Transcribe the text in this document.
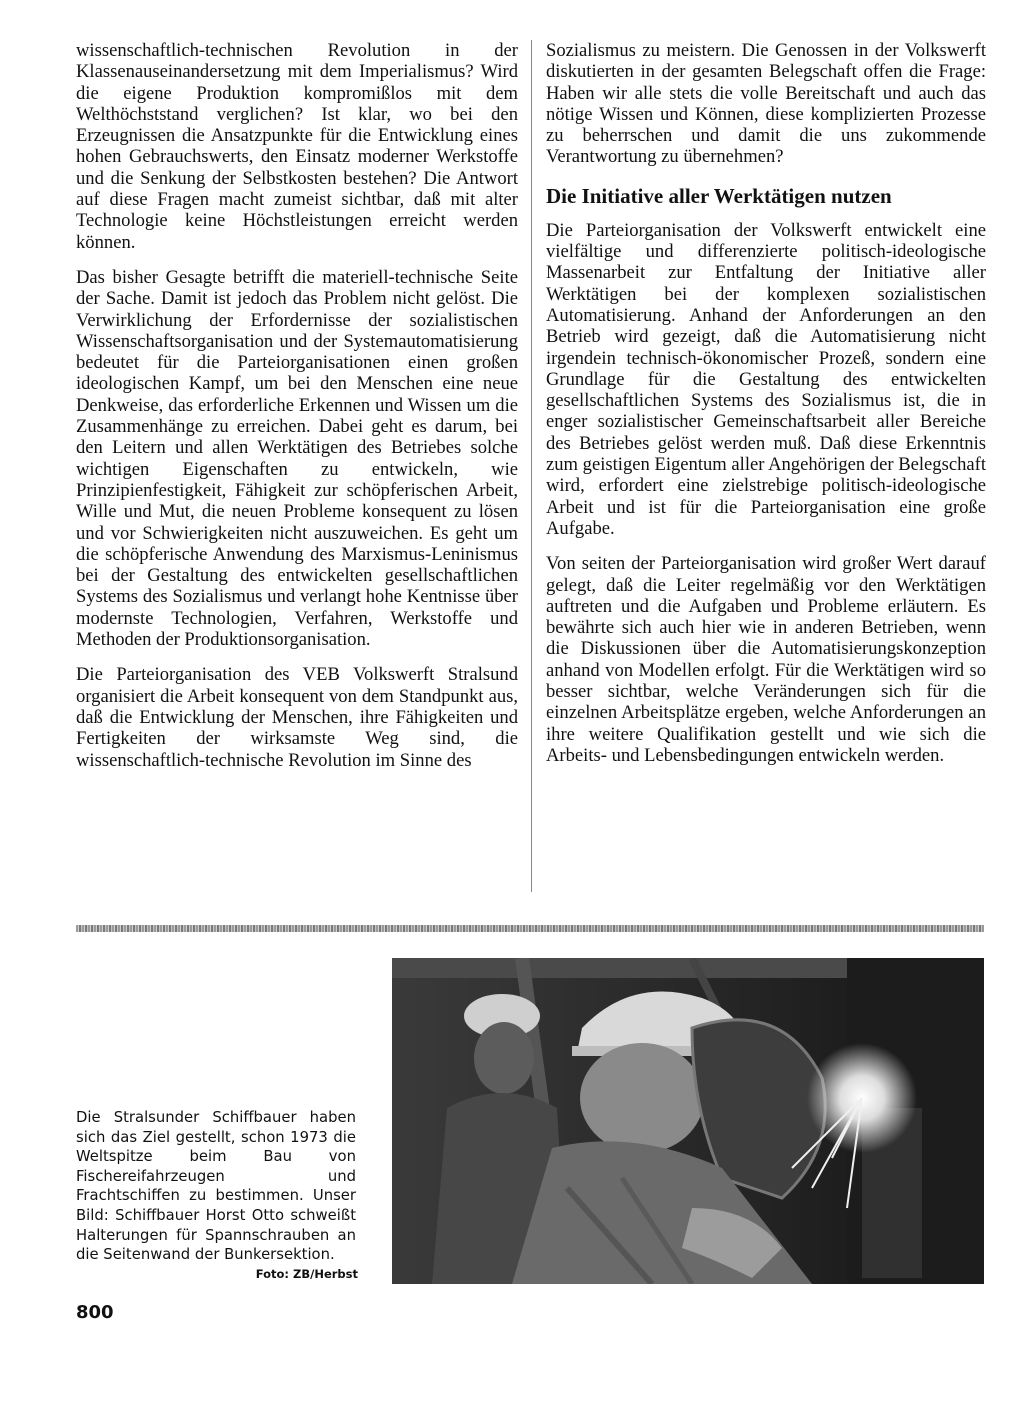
wissenschaftlich-technischen Revolution in der Klassenauseinandersetzung mit dem Imperialismus? Wird die eigene Produktion kompromißlos mit dem Welthöchststand verglichen? Ist klar, wo bei den Erzeugnissen die Ansatzpunkte für die Entwicklung eines hohen Gebrauchswerts, den Einsatz moderner Werkstoffe und die Senkung der Selbstkosten bestehen? Die Antwort auf diese Fragen macht zumeist sichtbar, daß mit alter Technologie keine Höchstleistungen erreicht werden können.

Das bisher Gesagte betrifft die materiell-technische Seite der Sache. Damit ist jedoch das Problem nicht gelöst. Die Verwirklichung der Erfordernisse der sozialistischen Wissenschaftsorganisation und der Systemautomatisierung bedeutet für die Parteiorganisationen einen großen ideologischen Kampf, um bei den Menschen eine neue Denkweise, das erforderliche Erkennen und Wissen um die Zusammenhänge zu erreichen. Dabei geht es darum, bei den Leitern und allen Werktätigen des Betriebes solche wichtigen Eigenschaften zu entwickeln, wie Prinzipienfestigkeit, Fähigkeit zur schöpferischen Arbeit, Wille und Mut, die neuen Probleme konsequent zu lösen und vor Schwierigkeiten nicht auszuweichen. Es geht um die schöpferische Anwendung des Marxismus-Leninismus bei der Gestaltung des entwickelten gesellschaftlichen Systems des Sozialismus und verlangt hohe Kentnisse über modernste Technologien, Verfahren, Werkstoffe und Methoden der Produktionsorganisation.

Die Parteiorganisation des VEB Volkswerft Stralsund organisiert die Arbeit konsequent von dem Standpunkt aus, daß die Entwicklung der Menschen, ihre Fähigkeiten und Fertigkeiten der wirksamste Weg sind, die wissenschaftlich-technische Revolution im Sinne des

Sozialismus zu meistern. Die Genossen in der Volkswerft diskutierten in der gesamten Belegschaft offen die Frage: Haben wir alle stets die volle Bereitschaft und auch das nötige Wissen und Können, diese komplizierten Prozesse zu beherrschen und damit die uns zukommende Verantwortung zu übernehmen?

Die Initiative aller Werktätigen nutzen

Die Parteiorganisation der Volkswerft entwickelt eine vielfältige und differenzierte politisch-ideologische Massenarbeit zur Entfaltung der Initiative aller Werktätigen bei der komplexen sozialistischen Automatisierung. Anhand der Anforderungen an den Betrieb wird gezeigt, daß die Automatisierung nicht irgendein technisch-ökonomischer Prozeß, sondern eine Grundlage für die Gestaltung des entwickelten gesellschaftlichen Systems des Sozialismus ist, die in enger sozialistischer Gemeinschaftsarbeit aller Bereiche des Betriebes gelöst werden muß. Daß diese Erkenntnis zum geistigen Eigentum aller Angehörigen der Belegschaft wird, erfordert eine zielstrebige politisch-ideologische Arbeit und ist für die Parteiorganisation eine große Aufgabe.

Von seiten der Parteiorganisation wird großer Wert darauf gelegt, daß die Leiter regelmäßig vor den Werktätigen auftreten und die Aufgaben und Probleme erläutern. Es bewährte sich auch hier wie in anderen Betrieben, wenn die Diskussionen über die Automatisierungskonzeption anhand von Modellen erfolgt. Für die Werktätigen wird so besser sichtbar, welche Veränderungen sich für die einzelnen Arbeitsplätze ergeben, welche Anforderungen an ihre weitere Qualifikation gestellt und wie sich die Arbeits- und Lebensbedingungen entwickeln werden.

Die Stralsunder Schiffbauer haben sich das Ziel gestellt, schon 1973 die Weltspitze beim Bau von Fischereifahrzeugen und Frachtschiffen zu bestimmen. Unser Bild: Schiffbauer Horst Otto schweißt Halterungen für Spannschrauben an die Seitenwand der Bunkersektion.
Foto: ZB/Herbst
800
